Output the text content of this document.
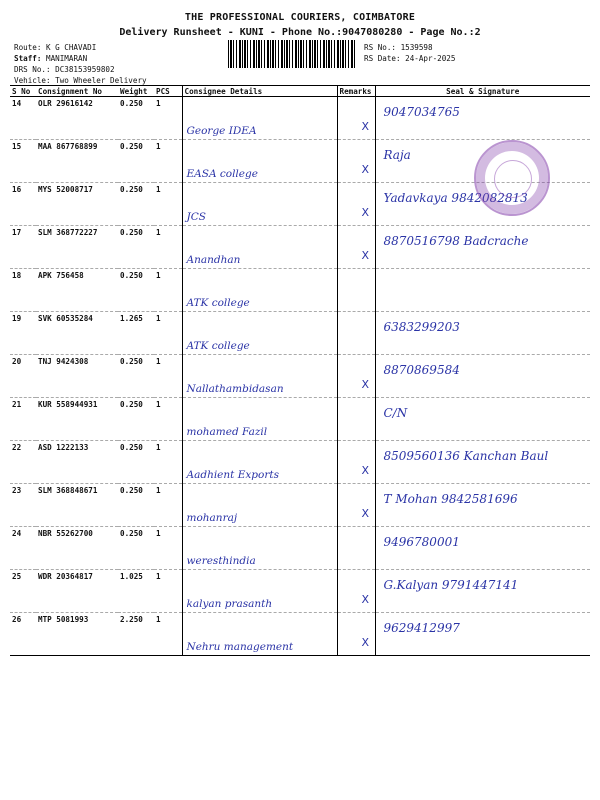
THE PROFESSIONAL COURIERS, COIMBATORE
Delivery Runsheet - KUNI - Phone No.:9047080280 - Page No.:2
Route: K G CHAVADI
Staff: MANIMARAN
DRS No.: DC38153959802
Vehicle: Two Wheeler Delivery
RS No.: 1539598
RS Date: 24-Apr-2025
S No	Consignment No	Weight	PCS	Consignee Details	Remarks	Seal & Signature
14	OLR 29616142	0.250	1	George IDEA	X	9047034765

15	MAA 867768899	0.250	1	EASA college	X	Raja

16	MYS 52008717	0.250	1	JCS	X	Yadavkaya 9842082813

17	SLM 368772227	0.250	1	Anandhan	X	8870516798 Badcrache

18	APK 756458	0.250	1	ATK college		

19	SVK 60535284	1.265	1	ATK college		6383299203

20	TNJ 9424308	0.250	1	Nallathambidasan	X	8870869584

21	KUR 558944931	0.250	1	mohamed Fazil		C/N

22	ASD 1222133	0.250	1	Aadhient Exports	X	8509560136 Kanchan Baul

23	SLM 368848671	0.250	1	mohanraj	X	T Mohan 9842581696

24	NBR 55262700	0.250	1	weresthindia		9496780001

25	WDR 20364817	1.025	1	kalyan prasanth	X	G.Kalyan 9791447141

26	MTP 5081993	2.250	1	Nehru management	X	9629412997
